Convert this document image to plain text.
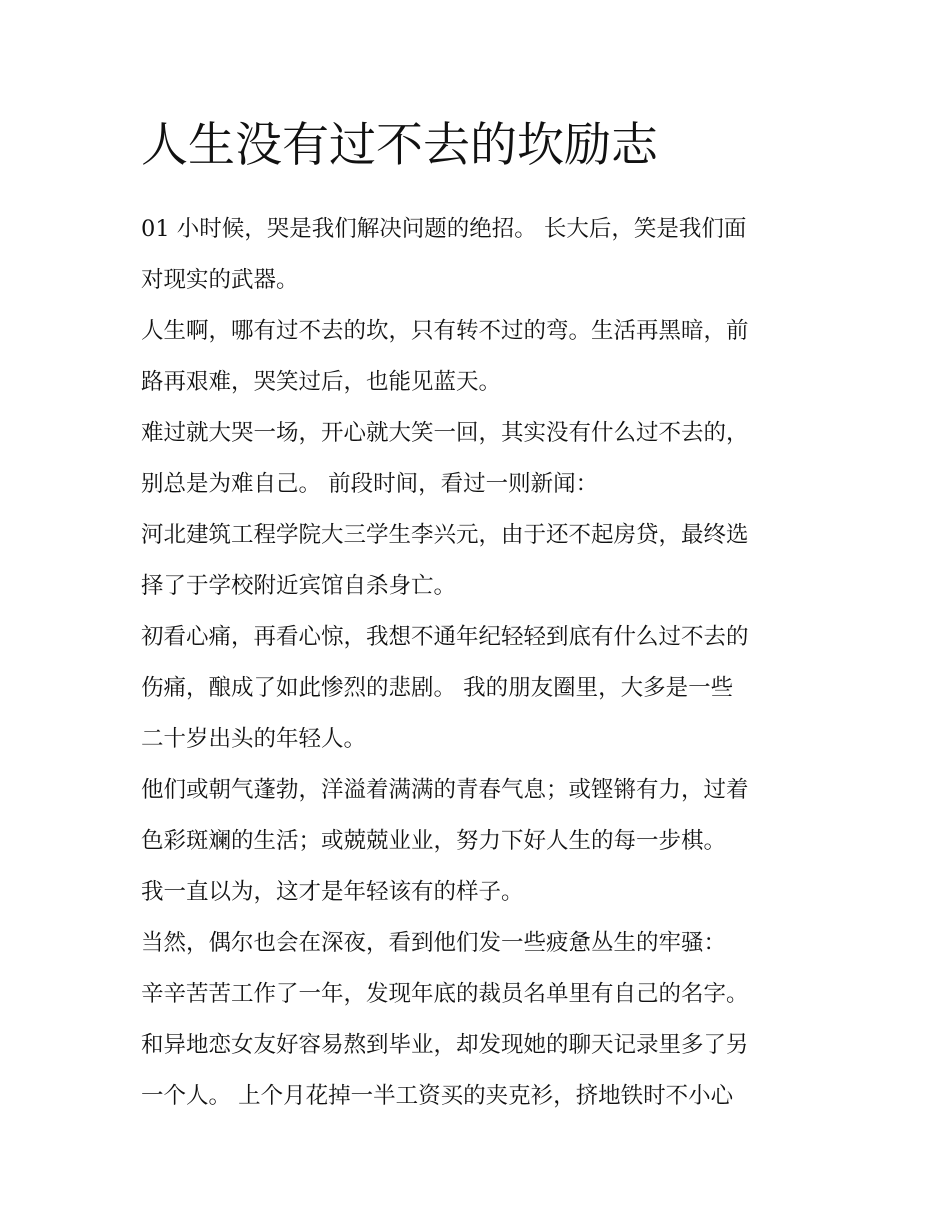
人生没有过不去的坎励志

01 小时候，哭是我们解决问题的绝招。 长大后，笑是我们面

对现实的武器。

人生啊，哪有过不去的坎，只有转不过的弯。生活再黑暗，前

路再艰难，哭笑过后，也能见蓝天。

难过就大哭一场，开心就大笑一回，其实没有什么过不去的，

别总是为难自己。 前段时间，看过一则新闻：

河北建筑工程学院大三学生李兴元，由于还不起房贷，最终选

择了于学校附近宾馆自杀身亡。

初看心痛，再看心惊，我想不通年纪轻轻到底有什么过不去的

伤痛，酿成了如此惨烈的悲剧。 我的朋友圈里，大多是一些

二十岁出头的年轻人。

他们或朝气蓬勃，洋溢着满满的青春气息；或铿锵有力，过着

色彩斑斓的生活；或兢兢业业，努力下好人生的每一步棋。

我一直以为，这才是年轻该有的样子。

当然，偶尔也会在深夜，看到他们发一些疲惫丛生的牢骚：

辛辛苦苦工作了一年，发现年底的裁员名单里有自己的名字。

和异地恋女友好容易熬到毕业，却发现她的聊天记录里多了另

一个人。 上个月花掉一半工资买的夹克衫，挤地铁时不小心
